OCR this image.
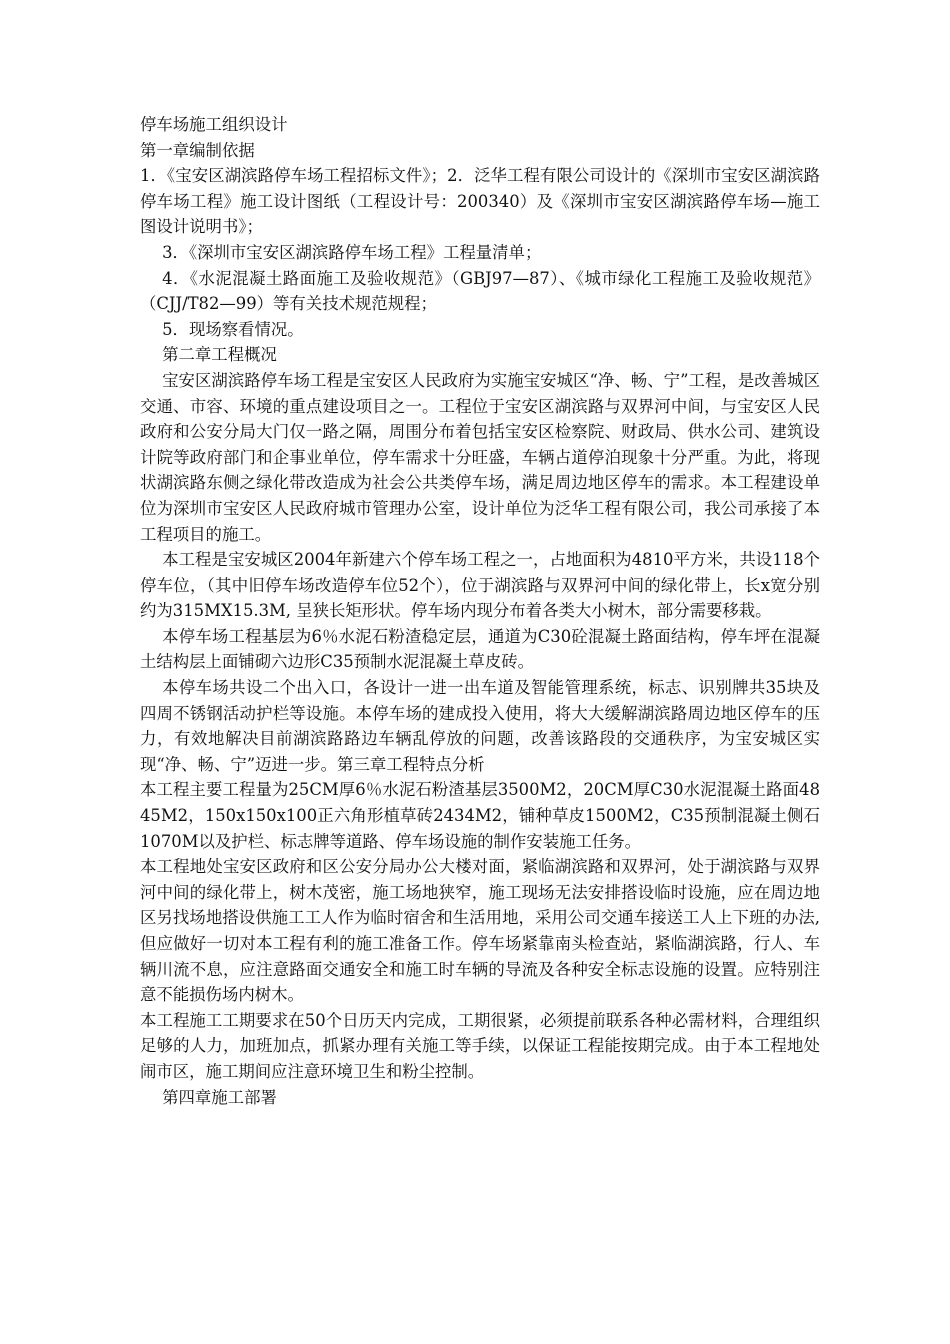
停车场施工组织设计

第一章编制依据

1．《宝安区湖滨路停车场工程招标文件》；2．泛华工程有限公司设计的《深圳市宝安区湖滨路停车场工程》施工设计图纸（工程设计号：200340）及《深圳市宝安区湖滨路停车场—施工图设计说明书》；

3．《深圳市宝安区湖滨路停车场工程》工程量清单；

4．《水泥混凝土路面施工及验收规范》（GBJ97—87）、《城市绿化工程施工及验收规范》（CJJ/T82—99）等有关技术规范规程；

5．现场察看情况。

第二章工程概况

宝安区湖滨路停车场工程是宝安区人民政府为实施宝安城区“净、畅、宁”工程，是改善城区交通、市容、环境的重点建设项目之一。工程位于宝安区湖滨路与双界河中间，与宝安区人民政府和公安分局大门仅一路之隔，周围分布着包括宝安区检察院、财政局、供水公司、建筑设计院等政府部门和企事业单位，停车需求十分旺盛，车辆占道停泊现象十分严重。为此，将现状湖滨路东侧之绿化带改造成为社会公共类停车场，满足周边地区停车的需求。本工程建设单位为深圳市宝安区人民政府城市管理办公室，设计单位为泛华工程有限公司，我公司承接了本工程项目的施工。

本工程是宝安城区2004年新建六个停车场工程之一，占地面积为4810平方米，共设118个停车位，（其中旧停车场改造停车位52个），位于湖滨路与双界河中间的绿化带上，长x宽分别约为315MX15.3M, 呈狭长矩形状。停车场内现分布着各类大小树木，部分需要移栽。

本停车场工程基层为6％水泥石粉渣稳定层，通道为C30砼混凝土路面结构，停车坪在混凝土结构层上面铺砌六边形C35预制水泥混凝土草皮砖。

本停车场共设二个出入口，各设计一进一出车道及智能管理系统，标志、识别牌共35块及四周不锈钢活动护栏等设施。本停车场的建成投入使用，将大大缓解湖滨路周边地区停车的压力，有效地解决目前湖滨路路边车辆乱停放的问题，改善该路段的交通秩序，为宝安城区实现“净、畅、宁”迈进一步。第三章工程特点分析

本工程主要工程量为25CM厚6％水泥石粉渣基层3500M2，20CM厚C30水泥混凝土路面4845M2，150x150x100正六角形植草砖2434M2，铺种草皮1500M2，C35预制混凝土侧石1070M以及护栏、标志牌等道路、停车场设施的制作安装施工任务。

本工程地处宝安区政府和区公安分局办公大楼对面，紧临湖滨路和双界河，处于湖滨路与双界河中间的绿化带上，树木茂密，施工场地狭窄，施工现场无法安排搭设临时设施，应在周边地区另找场地搭设供施工工人作为临时宿舍和生活用地，采用公司交通车接送工人上下班的办法, 但应做好一切对本工程有利的施工准备工作。停车场紧靠南头检查站，紧临湖滨路，行人、车辆川流不息，应注意路面交通安全和施工时车辆的导流及各种安全标志设施的设置。应特别注意不能损伤场内树木。

本工程施工工期要求在50个日历天内完成，工期很紧，必须提前联系各种必需材料，合理组织足够的人力，加班加点，抓紧办理有关施工等手续，以保证工程能按期完成。由于本工程地处闹市区，施工期间应注意环境卫生和粉尘控制。

第四章施工部署
